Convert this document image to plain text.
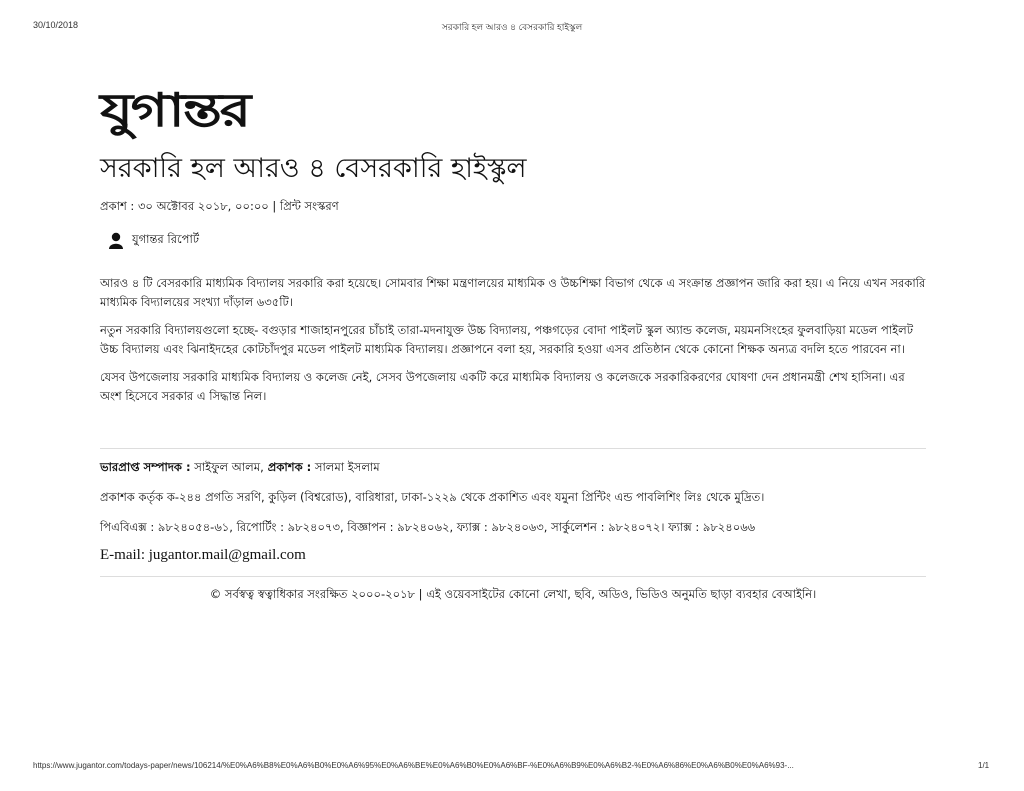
30/10/2018	সরকারি হল আরও ৪ বেসরকারি হাইস্কুল
যুগান্তর
সরকারি হল আরও ৪ বেসরকারি হাইস্কুল
প্রকাশ : ৩০ অক্টোবর ২০১৮, ০০:০০ | প্রিন্ট সংস্করণ
যুগান্তর রিপোর্ট

আরও ৪ টি বেসরকারি মাধ্যমিক বিদ্যালয় সরকারি করা হয়েছে। সোমবার শিক্ষা মন্ত্রণালয়ের মাধ্যমিক ও উচ্চশিক্ষা বিভাগ থেকে এ সংক্রান্ত প্রজ্ঞাপন জারি করা হয়। এ নিয়ে এখন সরকারি মাধ্যমিক বিদ্যালয়ের সংখ্যা দাঁড়াল ৬৩৫টি।

নতুন সরকারি বিদ্যালয়গুলো হচ্ছে- বগুড়ার শাজাহানপুরের চাঁচাই তারা-মদনাযুক্ত উচ্চ বিদ্যালয়, পঞ্চগড়ের বোদা পাইলট স্কুল অ্যান্ড কলেজ, ময়মনসিংহের ফুলবাড়িয়া মডেল পাইলট উচ্চ বিদ্যালয় এবং ঝিনাইদহের কোটচাঁদপুর মডেল পাইলট মাধ্যমিক বিদ্যালয়। প্রজ্ঞাপনে বলা হয়, সরকারি হওয়া এসব প্রতিষ্ঠান থেকে কোনো শিক্ষক অন্যত্র বদলি হতে পারবেন না।

যেসব উপজেলায় সরকারি মাধ্যমিক বিদ্যালয় ও কলেজ নেই, সেসব উপজেলায় একটি করে মাধ্যমিক বিদ্যালয় ও কলেজকে সরকারিকরণের ঘোষণা দেন প্রধানমন্ত্রী শেখ হাসিনা। এর অংশ হিসেবে সরকার এ সিদ্ধান্ত নিল।

ভারপ্রাপ্ত সম্পাদক : সাইফুল আলম, প্রকাশক : সালমা ইসলাম
প্রকাশক কর্তৃক ক-২৪৪ প্রগতি সরণি, কুড়িল (বিশ্বরোড), বারিধারা, ঢাকা-১২২৯ থেকে প্রকাশিত এবং যমুনা প্রিন্টিং এন্ড পাবলিশিং লিঃ থেকে মুদ্রিত।
পিএবিএক্স : ৯৮২৪০৫৪-৬১, রিপোর্টিং : ৯৮২৪০৭৩, বিজ্ঞাপন : ৯৮২৪০৬২, ফ্যাক্স : ৯৮২৪০৬৩, সার্কুলেশন : ৯৮২৪০৭২। ফ্যাক্স : ৯৮২৪০৬৬
E-mail: jugantor.mail@gmail.com
© সর্বস্বত্ব স্বত্বাধিকার সংরক্ষিত ২০০০-২০১৮ | এই ওয়েবসাইটের কোনো লেখা, ছবি, অডিও, ভিডিও অনুমতি ছাড়া ব্যবহার বেআইনি।
https://www.jugantor.com/todays-paper/news/106214/%E0%A6%B8%E0%A6%B0%E0%A6%95%E0%A6%BE%E0%A6%B0%E0%A6%BF-%E0%A6%B9%E0%A6%B2-%E0%A6%86%E0%A6%B0%E0%A6%93-...	1/1
